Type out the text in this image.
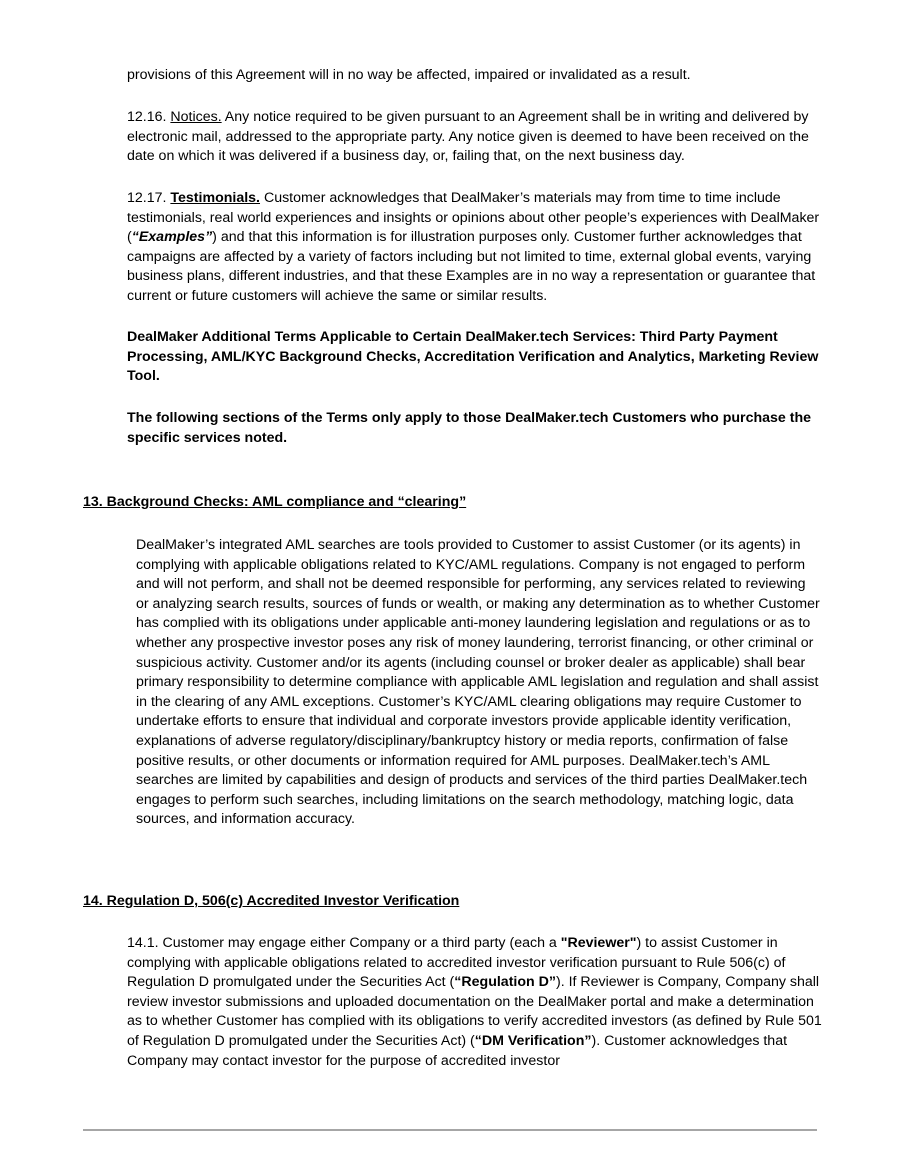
provisions of this Agreement will in no way be affected, impaired or invalidated as a result.

12.16. Notices. Any notice required to be given pursuant to an Agreement shall be in writing and delivered by electronic mail, addressed to the appropriate party. Any notice given is deemed to have been received on the date on which it was delivered if a business day, or, failing that, on the next business day.

12.17. Testimonials. Customer acknowledges that DealMaker’s materials may from time to time include testimonials, real world experiences and insights or opinions about other people’s experiences with DealMaker (“Examples”) and that this information is for illustration purposes only. Customer further acknowledges that campaigns are affected by a variety of factors including but not limited to time, external global events, varying business plans, different industries, and that these Examples are in no way a representation or guarantee that current or future customers will achieve the same or similar results.

DealMaker Additional Terms Applicable to Certain DealMaker.tech Services: Third Party Payment Processing, AML/KYC Background Checks, Accreditation Verification and Analytics, Marketing Review Tool.

The following sections of the Terms only apply to those DealMaker.tech Customers who purchase the specific services noted.

13. Background Checks: AML compliance and “clearing”

DealMaker’s integrated AML searches are tools provided to Customer to assist Customer (or its agents) in complying with applicable obligations related to KYC/AML regulations. Company is not engaged to perform and will not perform, and shall not be deemed responsible for performing, any services related to reviewing or analyzing search results, sources of funds or wealth, or making any determination as to whether Customer has complied with its obligations under applicable anti-money laundering legislation and regulations or as to whether any prospective investor poses any risk of money laundering, terrorist financing, or other criminal or suspicious activity. Customer and/or its agents (including counsel or broker dealer as applicable) shall bear primary responsibility to determine compliance with applicable AML legislation and regulation and shall assist in the clearing of any AML exceptions. Customer’s KYC/AML clearing obligations may require Customer to undertake efforts to ensure that individual and corporate investors provide applicable identity verification, explanations of adverse regulatory/disciplinary/bankruptcy history or media reports, confirmation of false positive results, or other documents or information required for AML purposes. DealMaker.tech’s AML searches are limited by capabilities and design of products and services of the third parties DealMaker.tech engages to perform such searches, including limitations on the search methodology, matching logic, data sources, and information accuracy.

14. Regulation D, 506(c) Accredited Investor Verification

14.1. Customer may engage either Company or a third party (each a "Reviewer") to assist Customer in complying with applicable obligations related to accredited investor verification pursuant to Rule 506(c) of Regulation D promulgated under the Securities Act (“Regulation D”). If Reviewer is Company, Company shall review investor submissions and uploaded documentation on the DealMaker portal and make a determination as to whether Customer has complied with its obligations to verify accredited investors (as defined by Rule 501 of Regulation D promulgated under the Securities Act) (“DM Verification”). Customer acknowledges that Company may contact investor for the purpose of accredited investor
